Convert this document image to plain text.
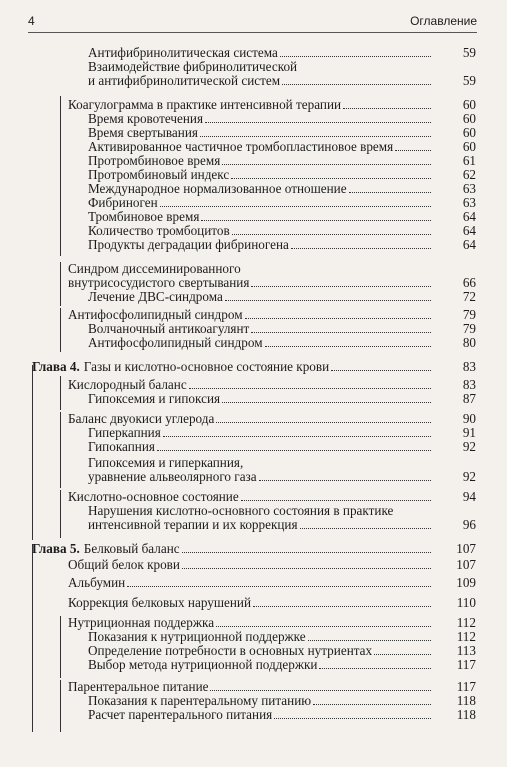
4	Оглавление
Антифибринолитическая система	59
Взаимодействие фибринолитической
и антифибринолитической систем	59
Коагулограмма в практике интенсивной терапии	60
Время кровотечения	60
Время свертывания	60
Активированное частичное тромбопластиновое время	60
Протромбиновое время	61
Протромбиновый индекс	62
Международное нормализованное отношение	63
Фибриноген	63
Тромбиновое время	64
Количество тромбоцитов	64
Продукты деградации фибриногена	64
Синдром диссеминированного
внутрисосудистого свертывания	66
Лечение ДВС-синдрома	72
Антифосфолипидный синдром	79
Волчаночный антикоагулянт	79
Антифосфолипидный синдром	80
Глава 4. Газы и кислотно-основное состояние крови	83
Кислородный баланс	83
Гипоксемия и гипоксия	87
Баланс двуокиси углерода	90
Гиперкапния	91
Гипокапния	92
Гипоксемия и гиперкапния,
уравнение альвеолярного газа	92
Кислотно-основное состояние	94
Нарушения кислотно-основного состояния в практике
интенсивной терапии и их коррекция	96
Глава 5. Белковый баланс	107
Общий белок крови	107
Альбумин	109
Коррекция белковых нарушений	110
Нутриционная поддержка	112
Показания к нутриционной поддержке	112
Определение потребности в основных нутриентах	113
Выбор метода нутриционной поддержки	117
Парентеральное питание	117
Показания к парентеральному питанию	118
Расчет парентерального питания	118
